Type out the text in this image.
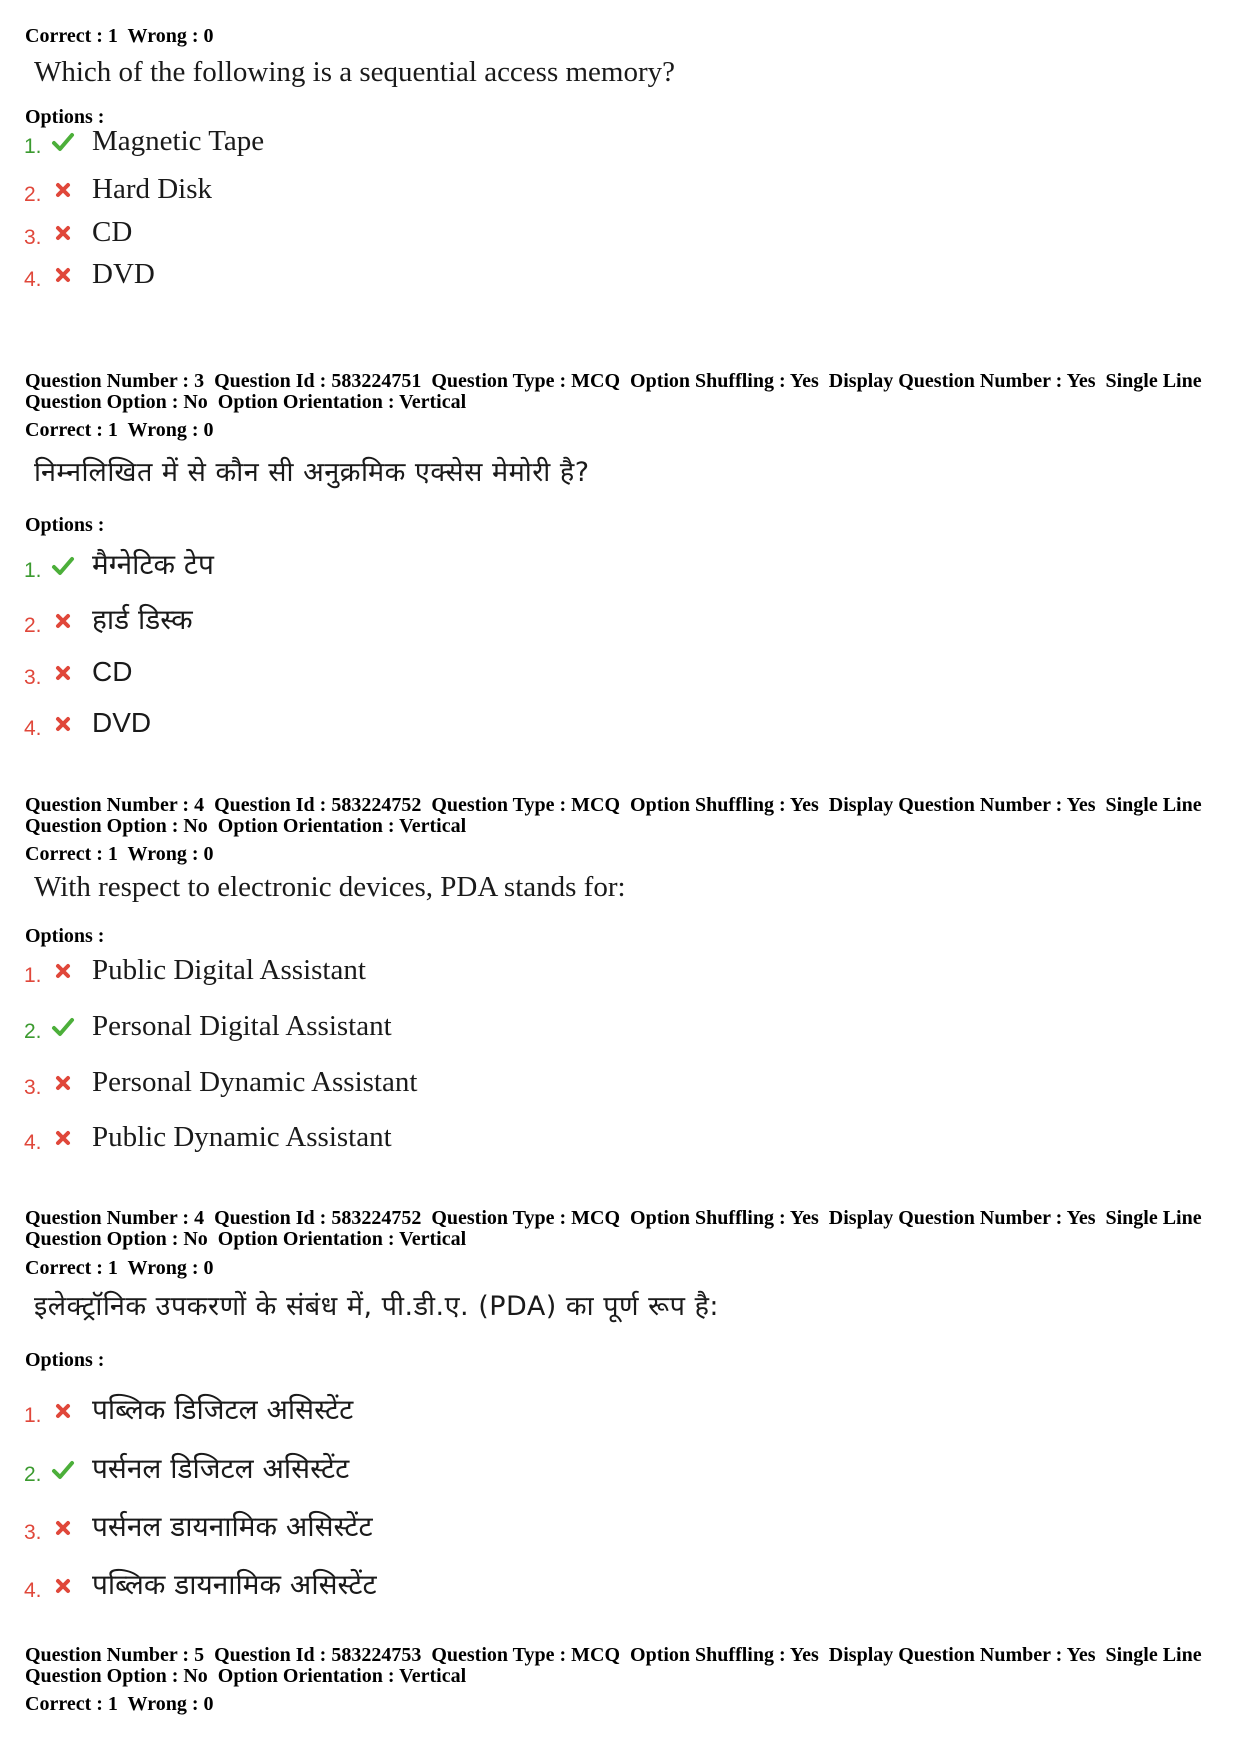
Correct : 1  Wrong : 0
Which of the following is a sequential access memory?
Options :
1. Magnetic Tape
2. Hard Disk
3. CD
4. DVD
Question Number : 3  Question Id : 583224751  Question Type : MCQ  Option Shuffling : Yes  Display Question Number : Yes  Single Line Question Option : No  Option Orientation : Vertical
Correct : 1  Wrong : 0
निम्नलिखित में से कौन सी अनुक्रमिक एक्सेस मेमोरी है?
Options :
1. मैग्नेटिक टेप
2. हार्ड डिस्क
3. CD
4. DVD
Question Number : 4  Question Id : 583224752  Question Type : MCQ  Option Shuffling : Yes  Display Question Number : Yes  Single Line Question Option : No  Option Orientation : Vertical
Correct : 1  Wrong : 0
With respect to electronic devices, PDA stands for:
Options :
1. Public Digital Assistant
2. Personal Digital Assistant
3. Personal Dynamic Assistant
4. Public Dynamic Assistant
Question Number : 4  Question Id : 583224752  Question Type : MCQ  Option Shuffling : Yes  Display Question Number : Yes  Single Line Question Option : No  Option Orientation : Vertical
Correct : 1  Wrong : 0
इलेक्ट्रॉनिक उपकरणों के संबंध में, पी.डी.ए. (PDA) का पूर्ण रूप है:
Options :
1. पब्लिक डिजिटल असिस्टेंट
2. पर्सनल डिजिटल असिस्टेंट
3. पर्सनल डायनामिक असिस्टेंट
4. पब्लिक डायनामिक असिस्टेंट
Question Number : 5  Question Id : 583224753  Question Type : MCQ  Option Shuffling : Yes  Display Question Number : Yes  Single Line Question Option : No  Option Orientation : Vertical
Correct : 1  Wrong : 0
